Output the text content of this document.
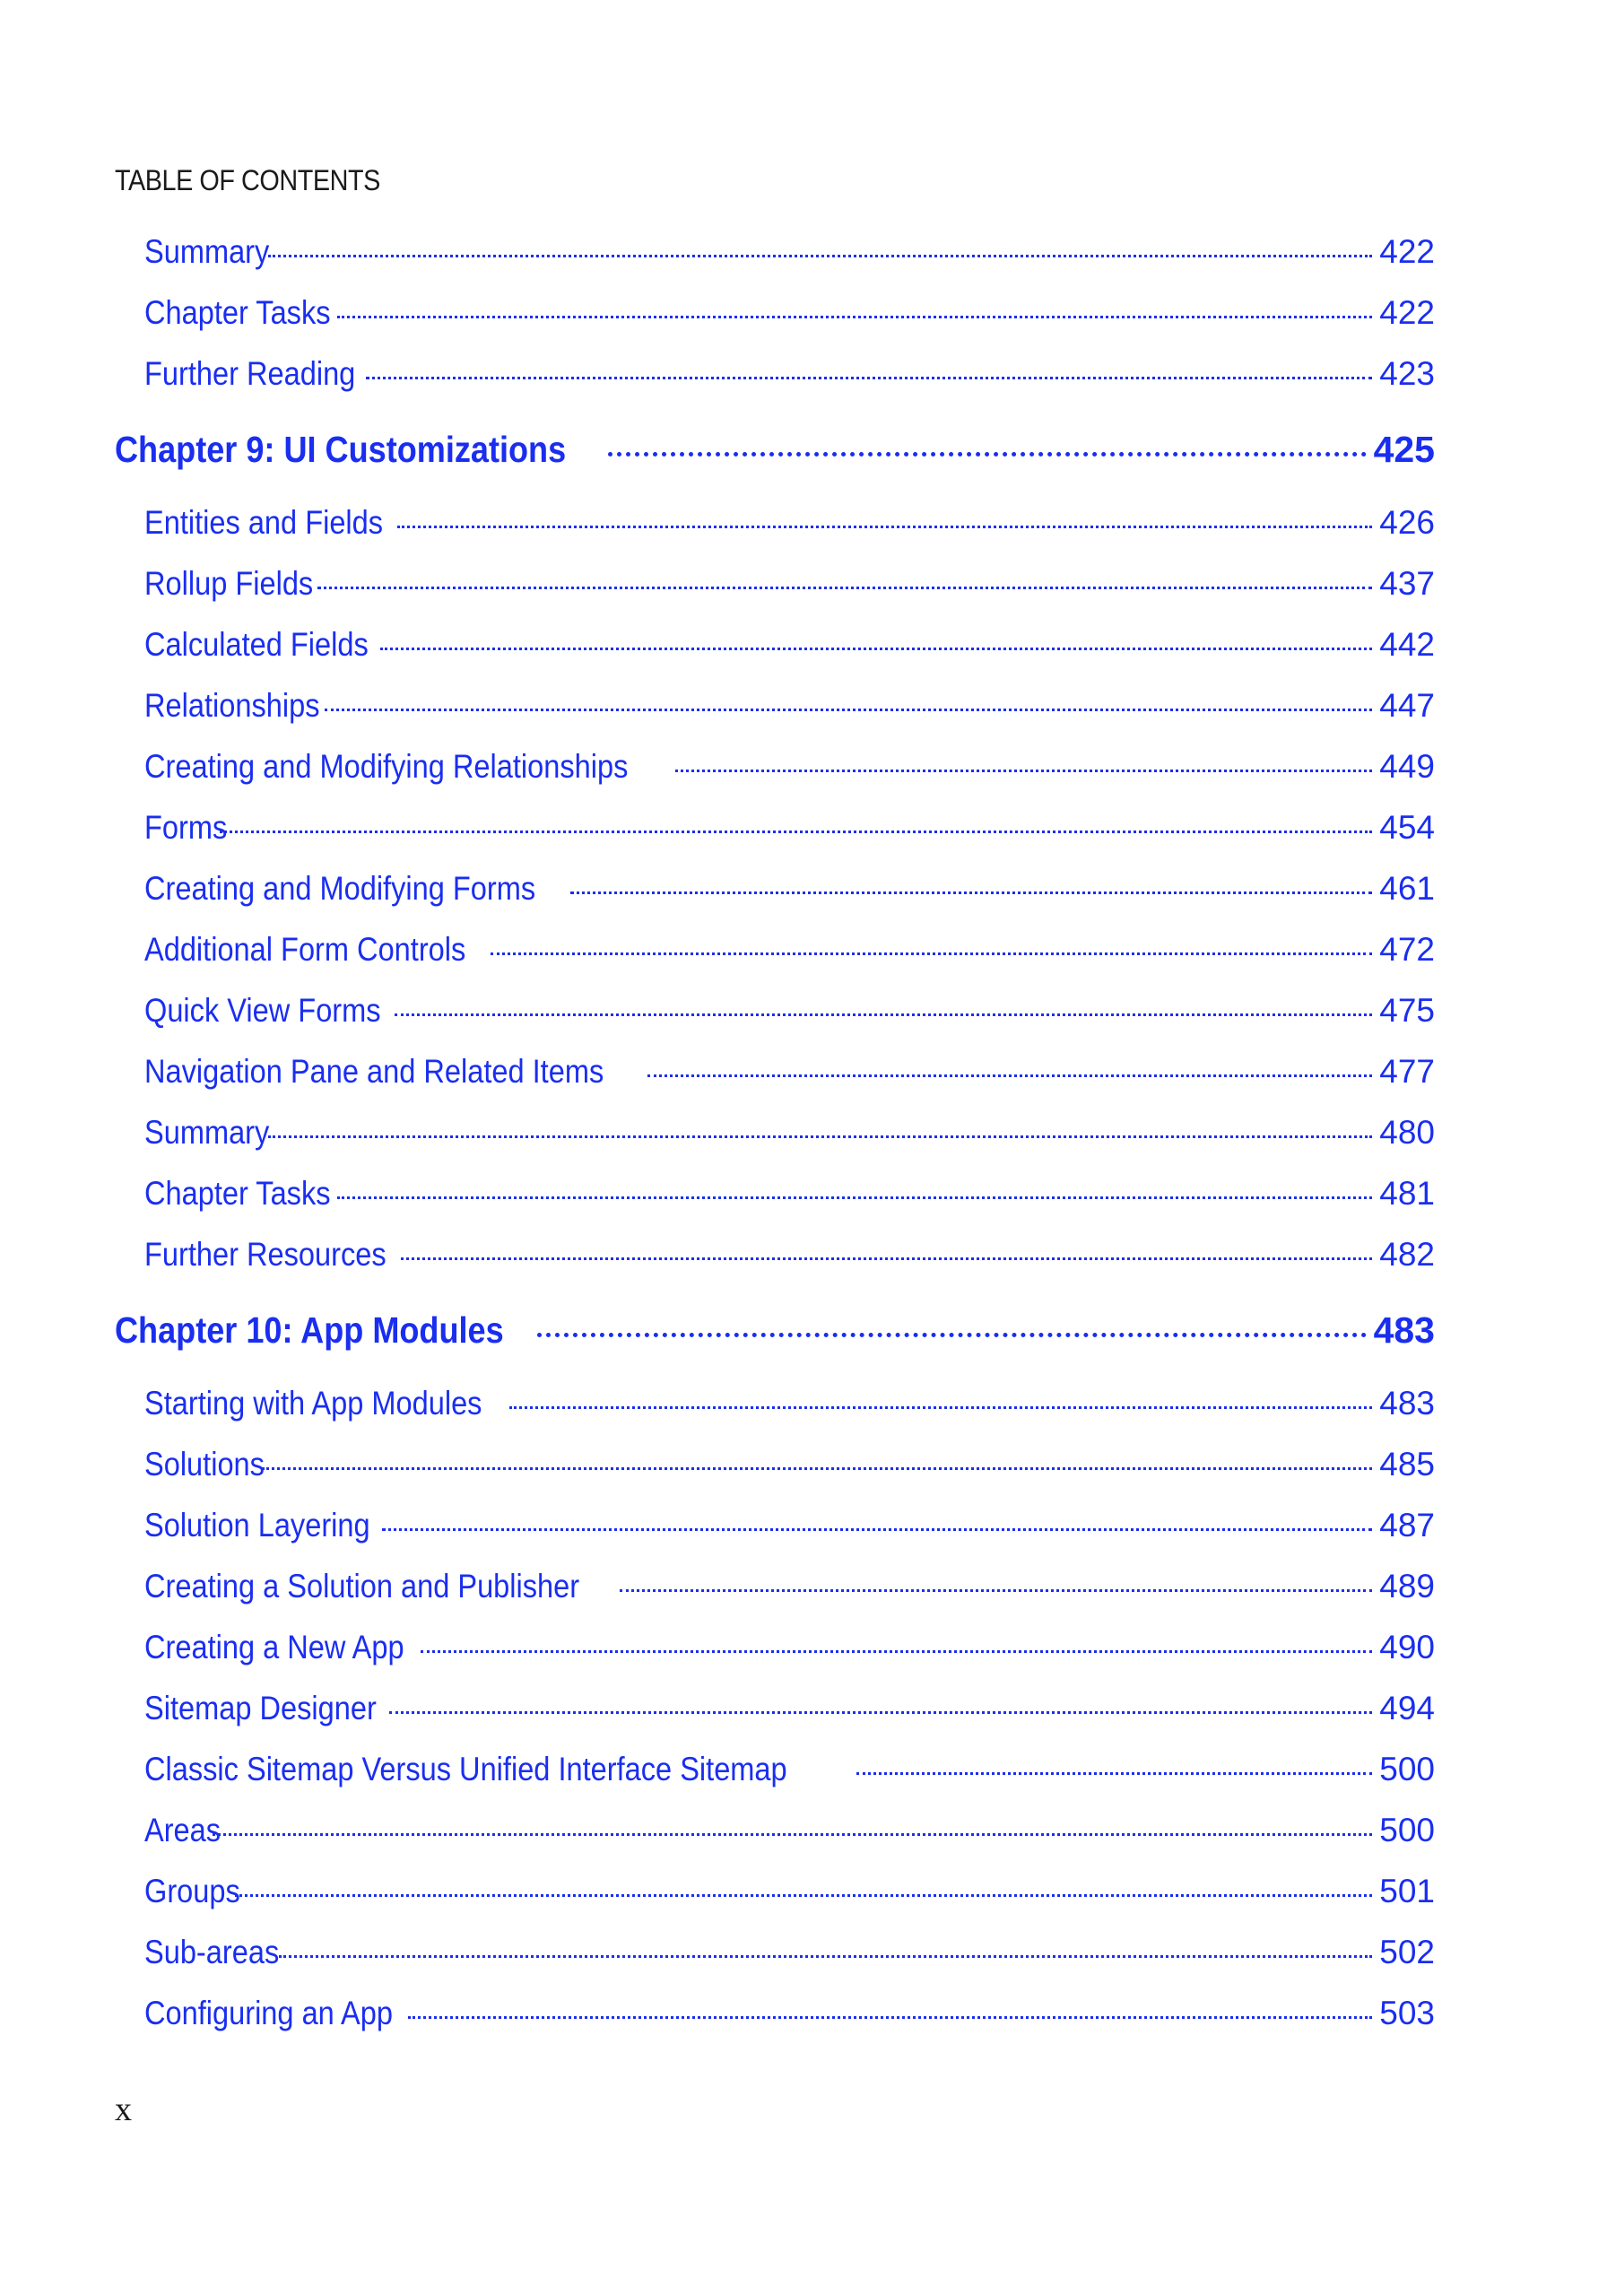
TABLE OF CONTENTS
Summary	422
Chapter Tasks	422
Further Reading	423
Chapter 9: UI Customizations	425
Entities and Fields	426
Rollup Fields	437
Calculated Fields	442
Relationships	447
Creating and Modifying Relationships	449
Forms	454
Creating and Modifying Forms	461
Additional Form Controls	472
Quick View Forms	475
Navigation Pane and Related Items	477
Summary	480
Chapter Tasks	481
Further Resources	482
Chapter 10: App Modules	483
Starting with App Modules	483
Solutions	485
Solution Layering	487
Creating a Solution and Publisher	489
Creating a New App	490
Sitemap Designer	494
Classic Sitemap Versus Unified Interface Sitemap	500
Areas	500
Groups	501
Sub-areas	502
Configuring an App	503
x
